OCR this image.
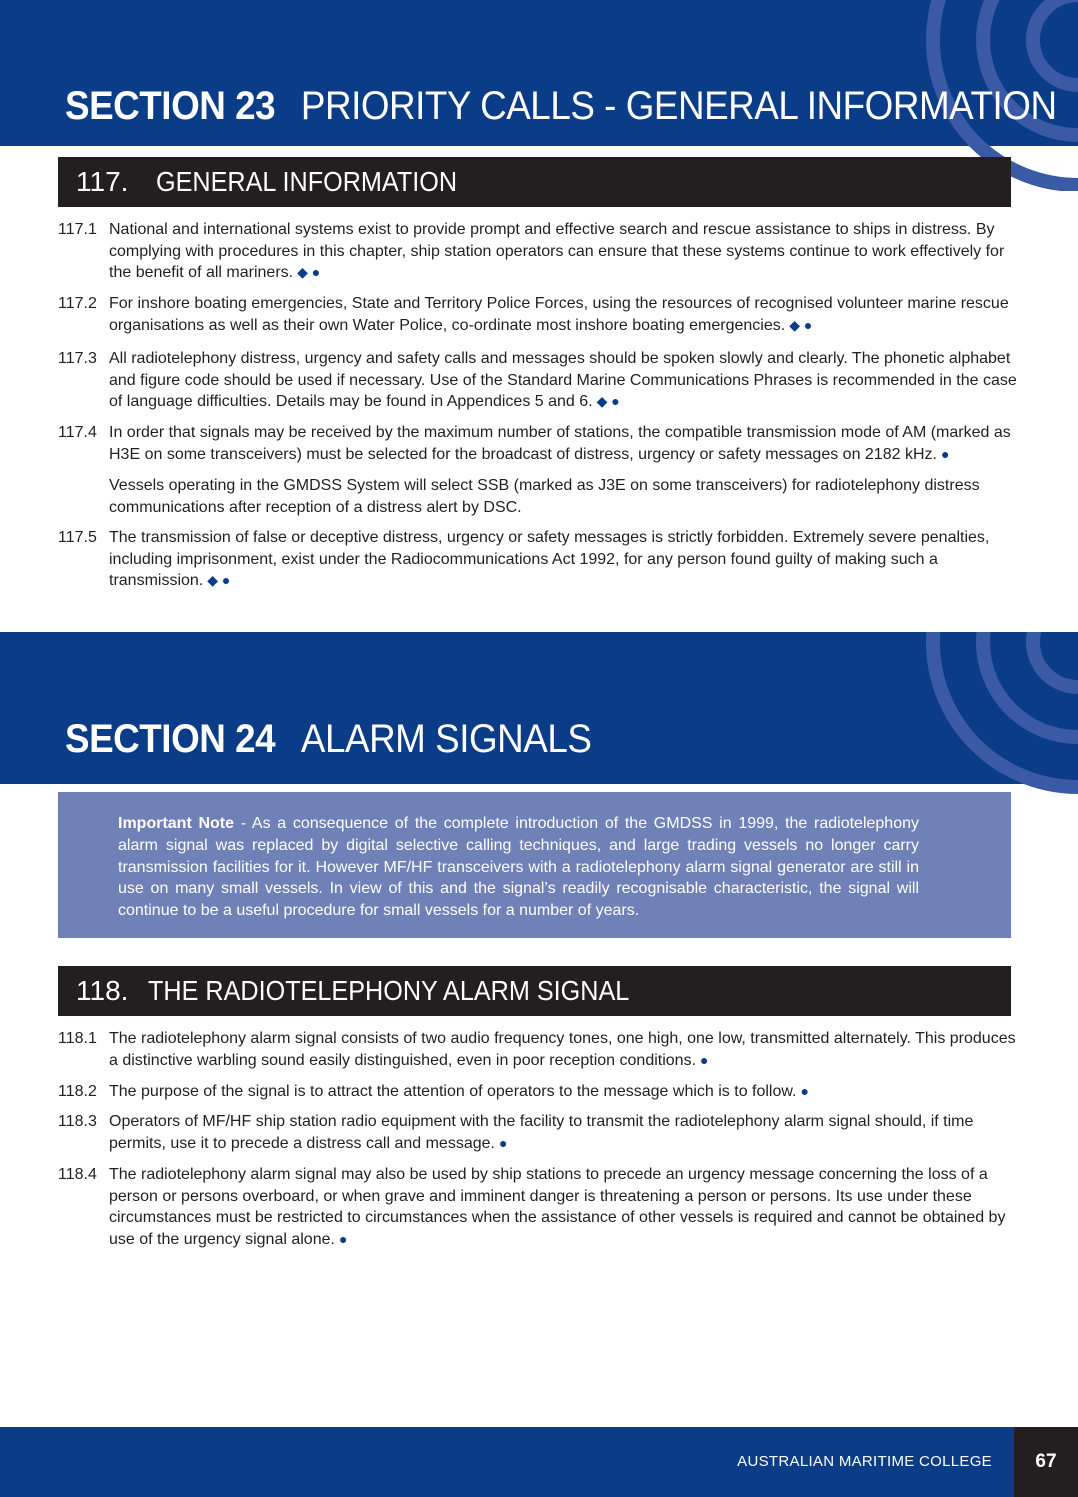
SECTION 23 PRIORITY CALLS - GENERAL INFORMATION
117. GENERAL INFORMATION
117.1 National and international systems exist to provide prompt and effective search and rescue assistance to ships in distress. By complying with procedures in this chapter, ship station operators can ensure that these systems continue to work effectively for the benefit of all mariners. ◆ ●
117.2 For inshore boating emergencies, State and Territory Police Forces, using the resources of recognised volunteer marine rescue organisations as well as their own Water Police, co-ordinate most inshore boating emergencies. ◆ ●
117.3 All radiotelephony distress, urgency and safety calls and messages should be spoken slowly and clearly. The phonetic alphabet and figure code should be used if necessary. Use of the Standard Marine Communications Phrases is recommended in the case of language difficulties. Details may be found in Appendices 5 and 6. ◆ ●
117.4 In order that signals may be received by the maximum number of stations, the compatible transmission mode of AM (marked as H3E on some transceivers) must be selected for the broadcast of distress, urgency or safety messages on 2182 kHz. ●
Vessels operating in the GMDSS System will select SSB (marked as J3E on some transceivers) for radiotelephony distress communications after reception of a distress alert by DSC.
117.5 The transmission of false or deceptive distress, urgency or safety messages is strictly forbidden. Extremely severe penalties, including imprisonment, exist under the Radiocommunications Act 1992, for any person found guilty of making such a transmission. ◆ ●
SECTION 24 ALARM SIGNALS
Important Note - As a consequence of the complete introduction of the GMDSS in 1999, the radiotelephony alarm signal was replaced by digital selective calling techniques, and large trading vessels no longer carry transmission facilities for it. However MF/HF transceivers with a radiotelephony alarm signal generator are still in use on many small vessels. In view of this and the signal’s readily recognisable characteristic, the signal will continue to be a useful procedure for small vessels for a number of years.
118. THE RADIOTELEPHONY ALARM SIGNAL
118.1 The radiotelephony alarm signal consists of two audio frequency tones, one high, one low, transmitted alternately. This produces a distinctive warbling sound easily distinguished, even in poor reception conditions. ●
118.2 The purpose of the signal is to attract the attention of operators to the message which is to follow. ●
118.3 Operators of MF/HF ship station radio equipment with the facility to transmit the radiotelephony alarm signal should, if time permits, use it to precede a distress call and message. ●
118.4 The radiotelephony alarm signal may also be used by ship stations to precede an urgency message concerning the loss of a person or persons overboard, or when grave and imminent danger is threatening a person or persons. Its use under these circumstances must be restricted to circumstances when the assistance of other vessels is required and cannot be obtained by use of the urgency signal alone. ●
AUSTRALIAN MARITIME COLLEGE	67
